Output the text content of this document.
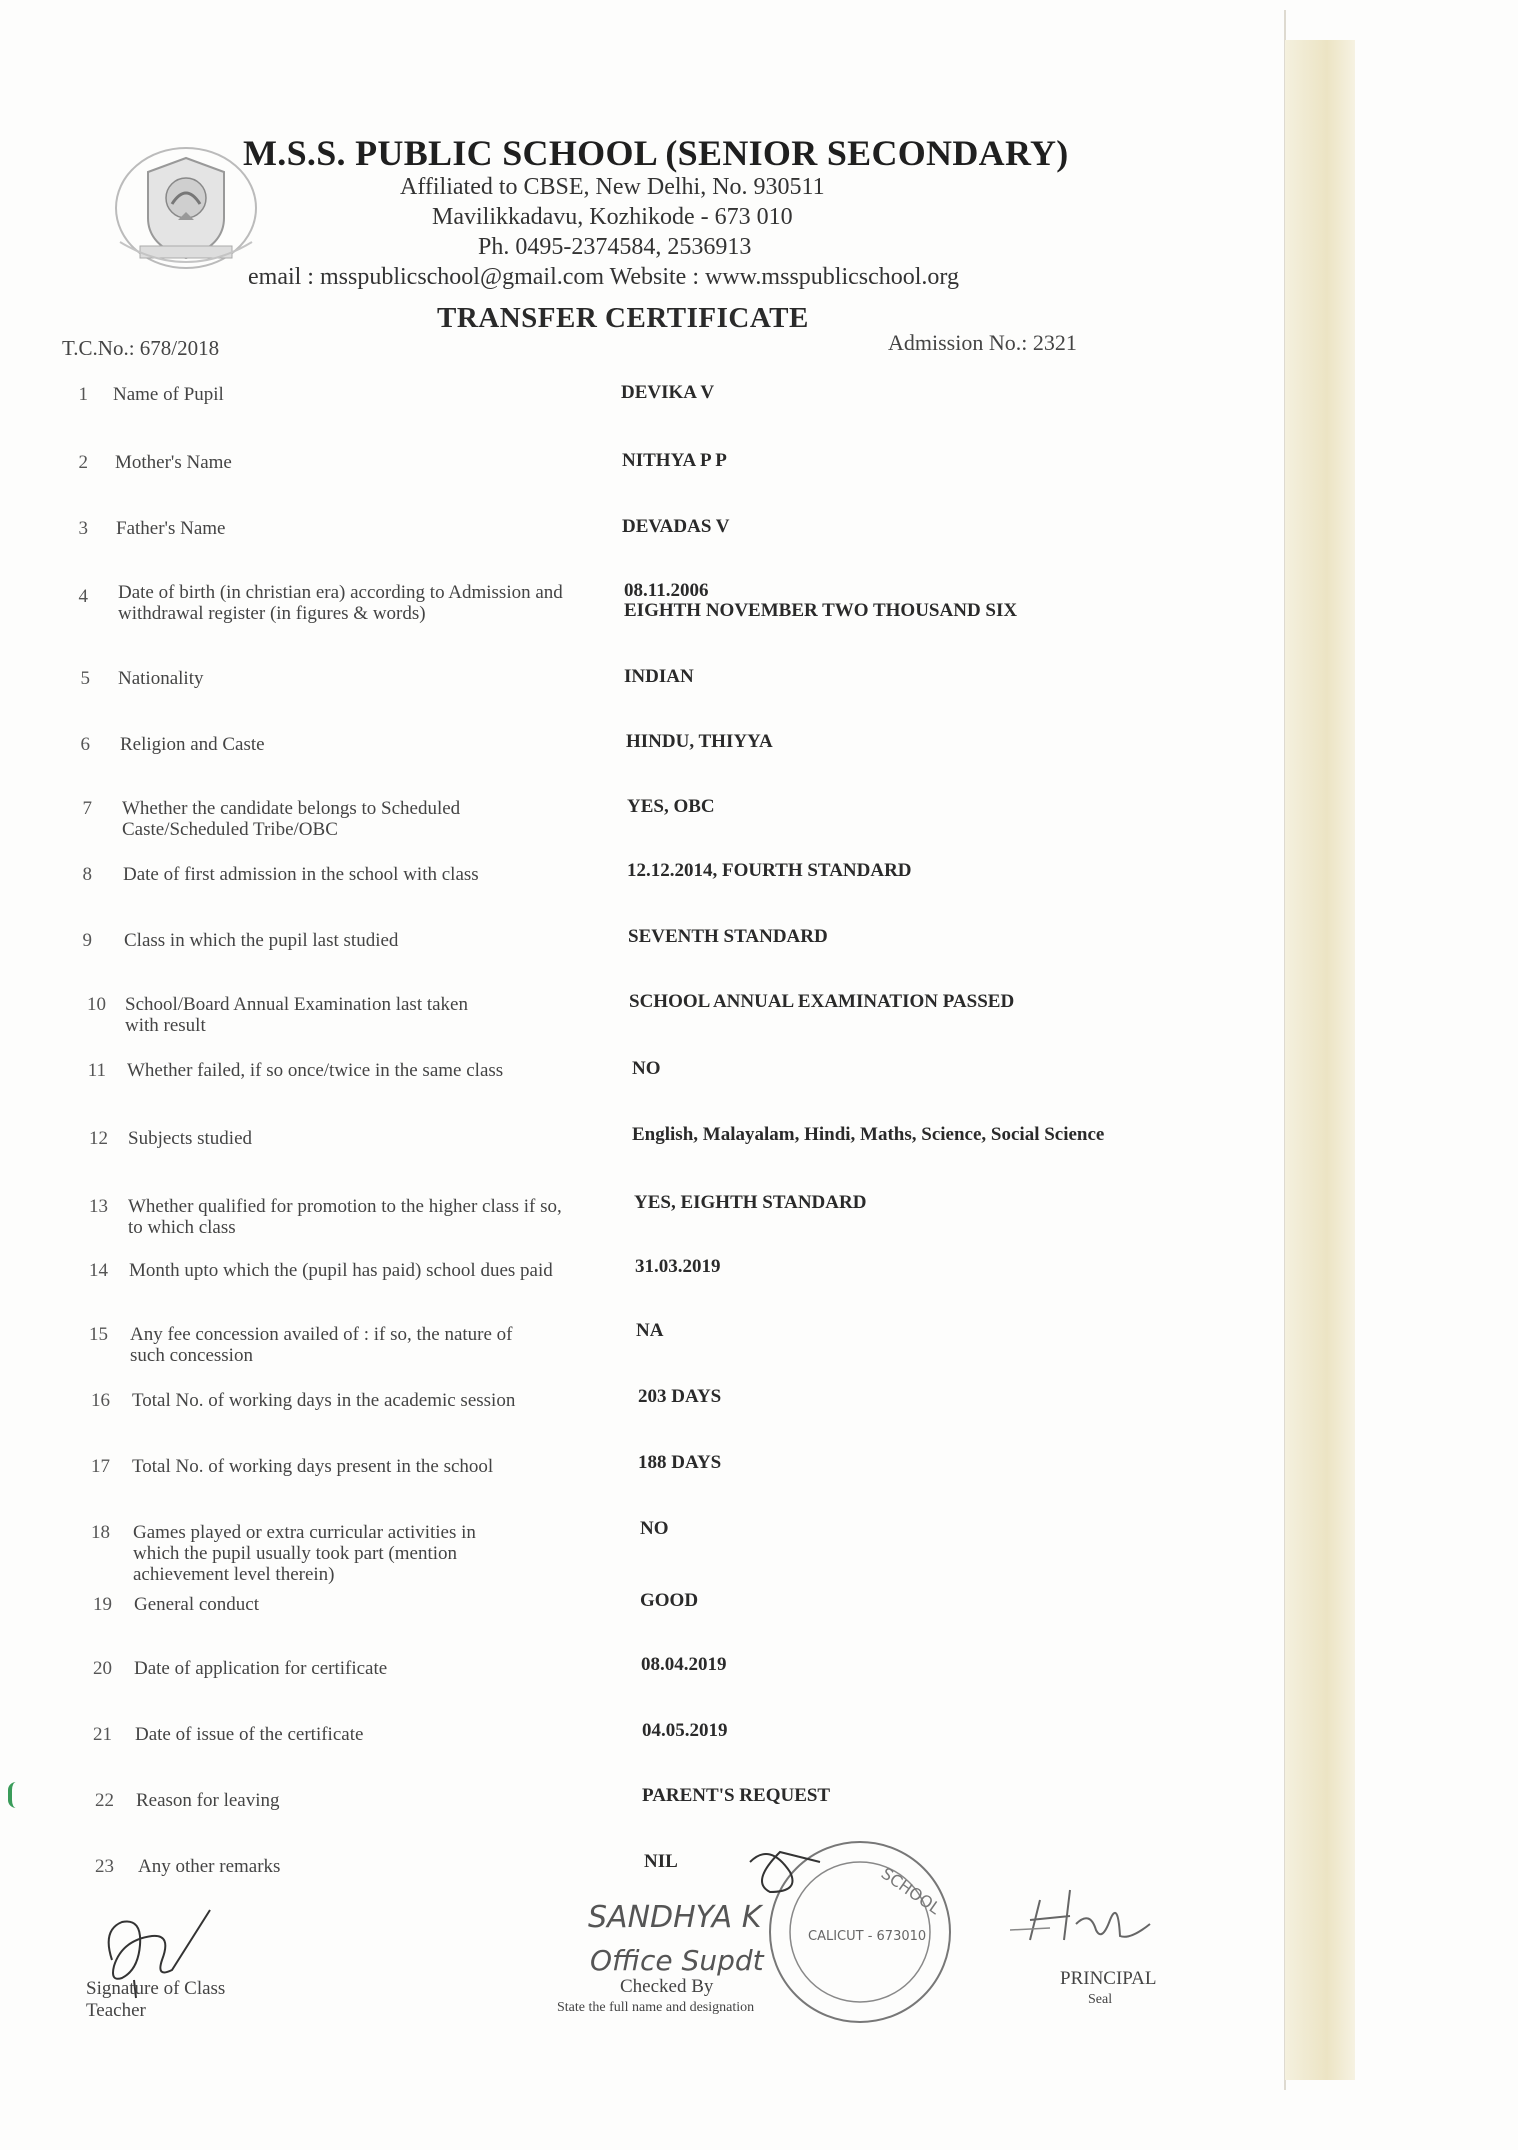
M.S.S. PUBLIC SCHOOL (SENIOR SECONDARY)
Affiliated to CBSE, New Delhi, No. 930511
Mavilikkadavu, Kozhikode - 673 010
Ph. 0495-2374584, 2536913
email : msspublicschool@gmail.com Website : www.msspublicschool.org
TRANSFER CERTIFICATE
T.C.No.: 678/2018	Admission No.: 2321
1 Name of Pupil	DEVIKA V
2 Mother's Name	NITHYA P P
3 Father's Name	DEVADAS V
4 Date of birth (in christian era) according to Admission and withdrawal register (in figures & words)
08.11.2006
EIGHTH NOVEMBER TWO THOUSAND SIX
5 Nationality	INDIAN
6 Religion and Caste	HINDU, THIYYA
7 Whether the candidate belongs to Scheduled Caste/Scheduled Tribe/OBC
YES, OBC
8 Date of first admission in the school with class	12.12.2014, FOURTH STANDARD
9 Class in which the pupil last studied	SEVENTH STANDARD
10 School/Board Annual Examination last taken with result
SCHOOL ANNUAL EXAMINATION PASSED
11 Whether failed, if so once/twice in the same class	NO
12 Subjects studied	English, Malayalam, Hindi, Maths, Science, Social Science
13 Whether qualified for promotion to the higher class if so, to which class
YES, EIGHTH STANDARD
14 Month upto which the (pupil has paid) school dues paid	31.03.2019
15 Any fee concession availed of : if so, the nature of such concession
NA
16 Total No. of working days in the academic session	203 DAYS
17 Total No. of working days present in the school	188 DAYS
18 Games played or extra curricular activities in which the pupil usually took part (mention achievement level therein)
NO
19 General conduct	GOOD
20 Date of application for certificate	08.04.2019
21 Date of issue of the certificate	04.05.2019
22 Reason for leaving	PARENT'S REQUEST
23 Any other remarks	NIL
Signature of Class Teacher
SCHOOL
CALICUT - 673010
SANDHYA K
Office Supdt
Checked By
State the full name and designation
PRINCIPAL
Seal
